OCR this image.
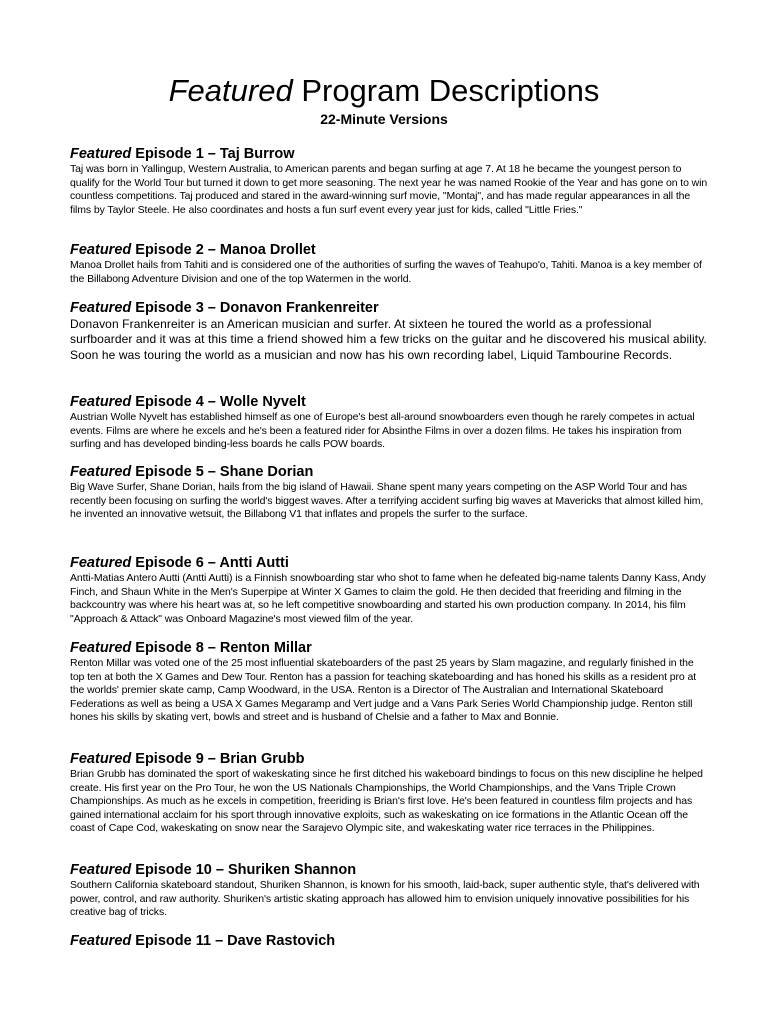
Featured Program Descriptions
22-Minute Versions

Featured Episode 1 – Taj Burrow

Taj was born in Yallingup, Western Australia, to American parents and began surfing at age 7. At 18 he became the youngest person to qualify for the World Tour but turned it down to get more seasoning. The next year he was named Rookie of the Year and has gone on to win countless competitions. Taj produced and stared in the award-winning surf movie, "Montaj", and has made regular appearances in all the films by Taylor Steele. He also coordinates and hosts a fun surf event every year just for kids, called "Little Fries."

Featured Episode 2 – Manoa Drollet

Manoa Drollet hails from Tahiti and is considered one of the authorities of surfing the waves of Teahupo'o, Tahiti. Manoa is a key member of the Billabong Adventure Division and one of the top Watermen in the world.

Featured Episode 3 – Donavon Frankenreiter

Donavon Frankenreiter is an American musician and surfer. At sixteen he toured the world as a professional surfboarder and it was at this time a friend showed him a few tricks on the guitar and he discovered his musical ability. Soon he was touring the world as a musician and now has his own recording label, Liquid Tambourine Records.

Featured Episode 4 – Wolle Nyvelt

Austrian Wolle Nyvelt has established himself as one of Europe's best all-around snowboarders even though he rarely competes in actual events. Films are where he excels and he's been a featured rider for Absinthe Films in over a dozen films. He takes his inspiration from surfing and has developed binding-less boards he calls POW boards.

Featured Episode 5 – Shane Dorian

Big Wave Surfer, Shane Dorian, hails from the big island of Hawaii. Shane spent many years competing on the ASP World Tour and has recently been focusing on surfing the world's biggest waves. After a terrifying accident surfing big waves at Mavericks that almost killed him, he invented an innovative wetsuit, the Billabong V1 that inflates and propels the surfer to the surface.

Featured Episode 6 – Antti Autti

Antti-Matias Antero Autti (Antti Autti) is a Finnish snowboarding star who shot to fame when he defeated big-name talents Danny Kass, Andy Finch, and Shaun White in the Men's Superpipe at Winter X Games to claim the gold. He then decided that freeriding and filming in the backcountry was where his heart was at, so he left competitive snowboarding and started his own production company. In 2014, his film "Approach & Attack" was Onboard Magazine's most viewed film of the year.

Featured Episode 8 – Renton Millar

Renton Millar was voted one of the 25 most influential skateboarders of the past 25 years by Slam magazine, and regularly finished in the top ten at both the X Games and Dew Tour. Renton has a passion for teaching skateboarding and has honed his skills as a resident pro at the worlds' premier skate camp, Camp Woodward, in the USA. Renton is a Director of The Australian and International Skateboard Federations as well as being a USA X Games Megaramp and Vert judge and a Vans Park Series World Championship judge. Renton still hones his skills by skating vert, bowls and street and is husband of Chelsie and a father to Max and Bonnie.

Featured Episode 9 – Brian Grubb

Brian Grubb has dominated the sport of wakeskating since he first ditched his wakeboard bindings to focus on this new discipline he helped create. His first year on the Pro Tour, he won the US Nationals Championships, the World Championships, and the Vans Triple Crown Championships. As much as he excels in competition, freeriding is Brian's first love. He's been featured in countless film projects and has gained international acclaim for his sport through innovative exploits, such as wakeskating on ice formations in the Atlantic Ocean off the coast of Cape Cod, wakeskating on snow near the Sarajevo Olympic site, and wakeskating water rice terraces in the Philippines.

Featured Episode 10 – Shuriken Shannon

Southern California skateboard standout, Shuriken Shannon, is known for his smooth, laid-back, super authentic style, that's delivered with power, control, and raw authority. Shuriken's artistic skating approach has allowed him to envision uniquely innovative possibilities for his creative bag of tricks.

Featured Episode 11 – Dave Rastovich
